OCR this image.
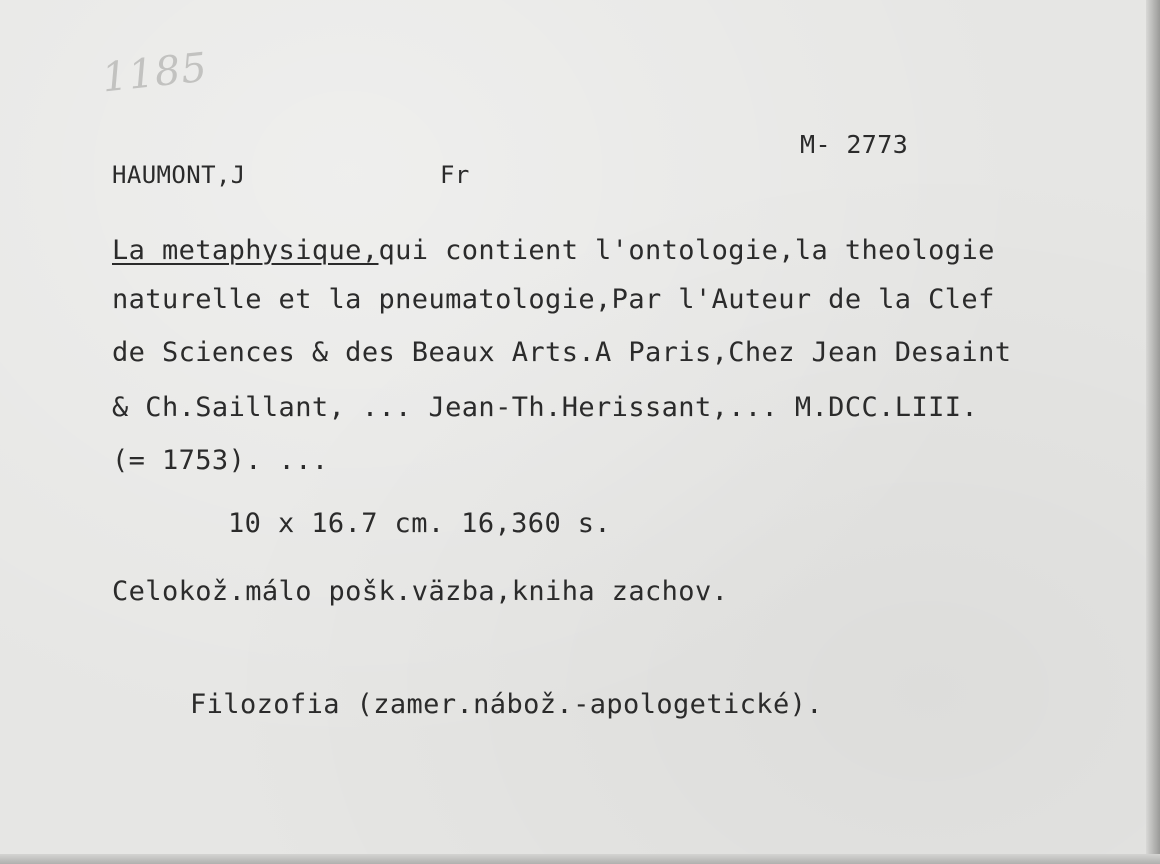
1185
M- 2773
HAUMONT,J	Fr
La metaphysique,qui contient l'ontologie,la theologie
naturelle et la pneumatologie,Par l'Auteur de la Clef
de Sciences & des Beaux Arts.A Paris,Chez Jean Desaint
& Ch.Saillant, ... Jean-Th.Herissant,... M.DCC.LIII.
(= 1753). ...
10 x 16.7 cm. 16,360 s.
Celokož.málo pošk.väzba,kniha zachov.
Filozofia (zamer.nábož.-apologetické).
